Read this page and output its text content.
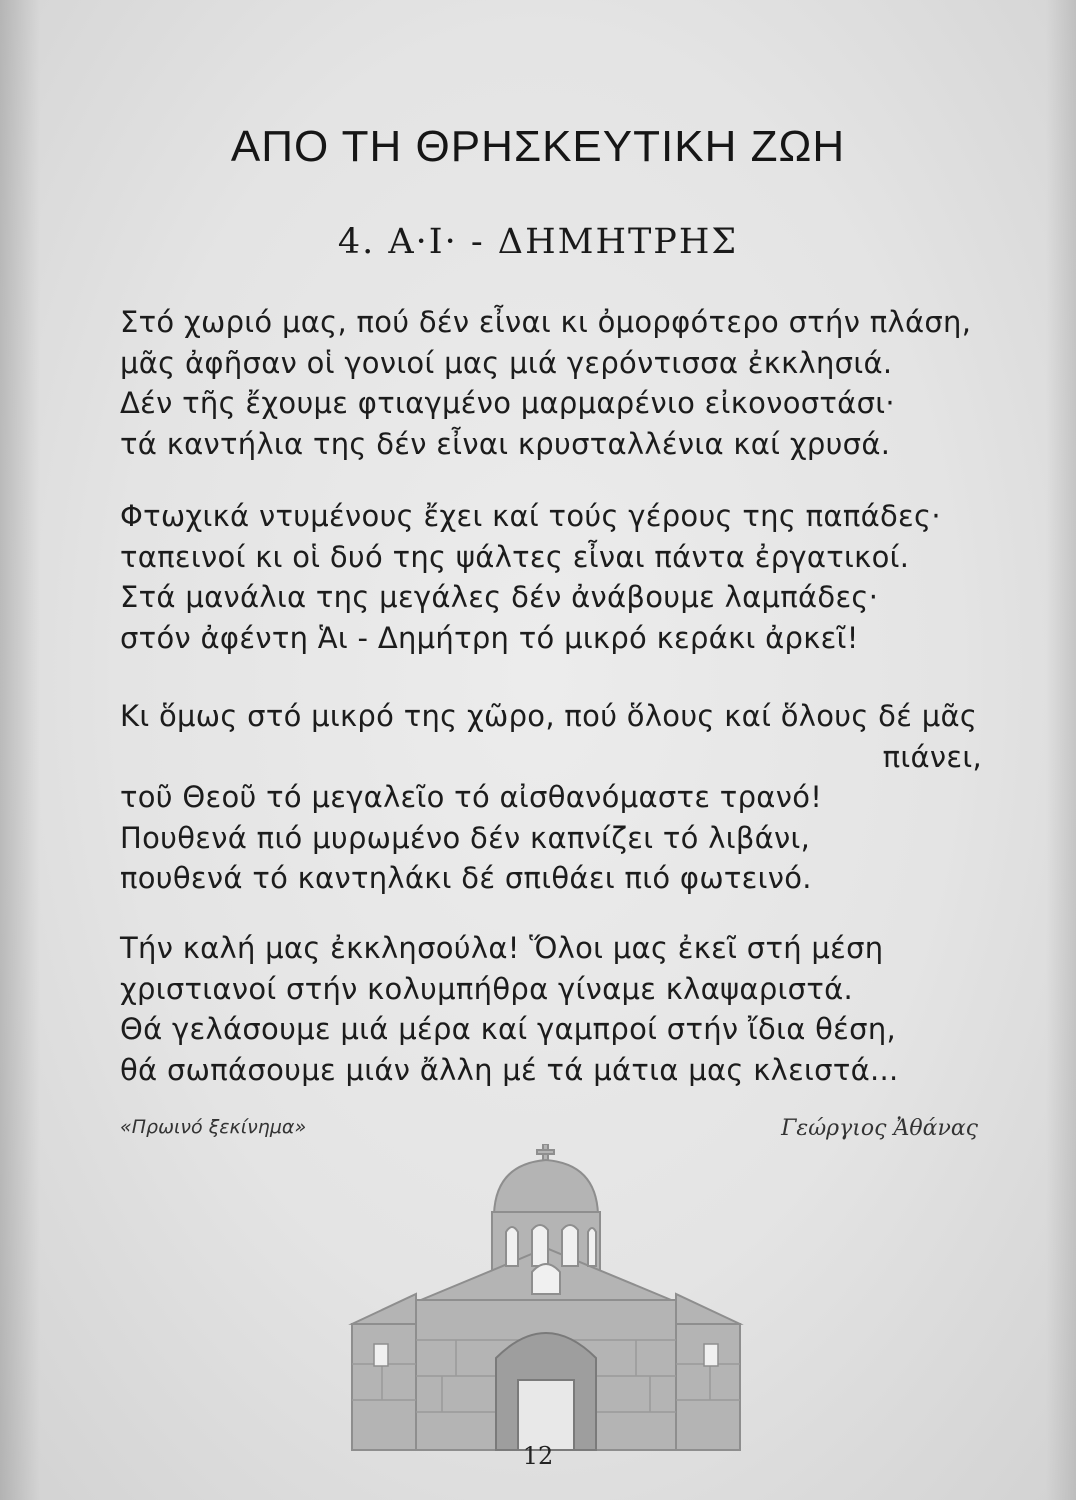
ΑΠΟ ΤΗ ΘΡΗΣΚΕΥΤΙΚΗ ΖΩΗ
4. Α·Ι· - ΔΗΜΗΤΡΗΣ
Στό χωριό μας, πού δέν εἶναι κι ὀμορφότερο στήν πλάση,
μᾶς ἀφῆσαν οἱ γονιοί μας μιά γερόντισσα ἐκκλησιά.
Δέν τῆς ἔχουμε φτιαγμένο μαρμαρένιο εἰκονοστάσι·
τά καντήλια της δέν εἶναι κρυσταλλένια καί χρυσά.
Φτωχικά ντυμένους ἔχει καί τούς γέρους της παπάδες·
ταπεινοί κι οἱ δυό της ψάλτες εἶναι πάντα ἐργατικοί.
Στά μανάλια της μεγάλες δέν ἀνάβουμε λαμπάδες·
στόν ἀφέντη Ἁι - Δημήτρη τό μικρό κεράκι ἀρκεῖ!
Κι ὅμως στό μικρό της χῶρο, πού ὅλους καί ὅλους δέ μᾶς
πιάνει,
τοῦ Θεοῦ τό μεγαλεῖο τό αἰσθανόμαστε τρανό!
Πουθενά πιό μυρωμένο δέν καπνίζει τό λιβάνι,
πουθενά τό καντηλάκι δέ σπιθάει πιό φωτεινό.
Τήν καλή μας ἐκκλησούλα! Ὅλοι μας ἐκεῖ στή μέση
χριστιανοί στήν κολυμπήθρα γίναμε κλαψαριστά.
Θά γελάσουμε μιά μέρα καί γαμπροί στήν ἴδια θέση,
θά σωπάσουμε μιάν ἄλλη μέ τά μάτια μας κλειστά...
«Πρωινό ξεκίνημα»	Γεώργιος Ἀθάνας
12
